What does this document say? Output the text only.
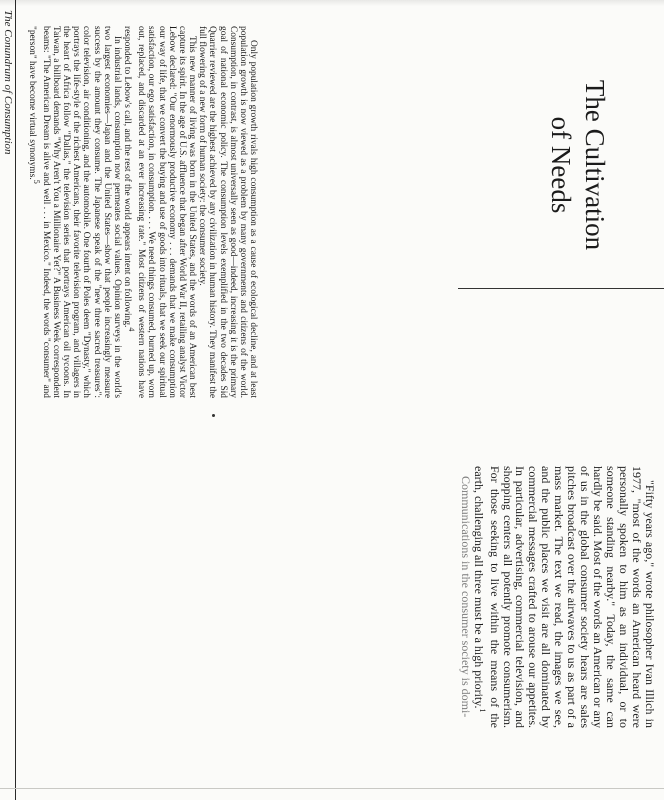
The Conundrum of Consumption	Only population growth rivals high consumption as a cause of ecological decline, and at least population growth is now viewed as a problem by many governments and citizens of the world. Consumption, in contrast, is almost universally seen as good—indeed, increasing it is the primary goal of national economic policy. The consumption levels exemplified in the two decades Sid Quarrier reviewed are the highest achieved by any civilization in human history. They manifest the full flowering of a new form of human society: the consumer society.

This new manner of living was born in the United States, and the words of an American best capture its spirit. In the age of U.S. affluence that began after World War II, retailing analyst Victor Lebow declared: "Our enormously productive economy . . . demands that we make consumption our way of life, that we convert the buying and use of goods into rituals, that we seek our spiritual satisfaction, our ego satisfaction, in consumption. . . . We need things consumed, burned up, worn out, replaced, and discarded at an ever increasing rate." Most citizens of western nations have responded to Lebow's call, and the rest of the world appears intent on following.$^4$

In industrial lands, consumption now permeates social values. Opinion surveys in the world's two largest economies—Japan and the United States—show that people increasingly measure success by the amount they consume. The Japanese speak of the "new three sacred treasures": color television, air conditioning, and the automobile. One fourth of Poles deem "Dynasty," which portrays the life-style of the richest Americans, their favorite television program, and villagers in the heart of Africa follow "Dallas," the television series that portrays American oil tycoons. In Taiwan, a billboard demands "Why Aren't You a Millionaire Yet?" A Business Week correspondent beams: "The American Dream is alive and well . . . in Mexico." Indeed, the words "consumer" and "person" have become virtual synonyms.$^5$	The Cultivation
of Needs

"Fifty years ago," wrote philosopher Ivan Illich in 1977, "most of the words an American heard were personally spoken to him as an individual, or to someone standing nearby." Today, the same can hardly be said. Most of the words an American or any of us in the global consumer society hears are sales pitches broadcast over the airwaves to us as part of a mass market. The text we read, the images we see, and the public places we visit are all dominated by commercial messages crafted to arouse our appetites. In particular, advertising, commercial television, and shopping centers all potently promote consumerism. For those seeking to live within the means of the earth, challenging all three must be a high priority.$^1$

Communications in the consumer society is domi-
